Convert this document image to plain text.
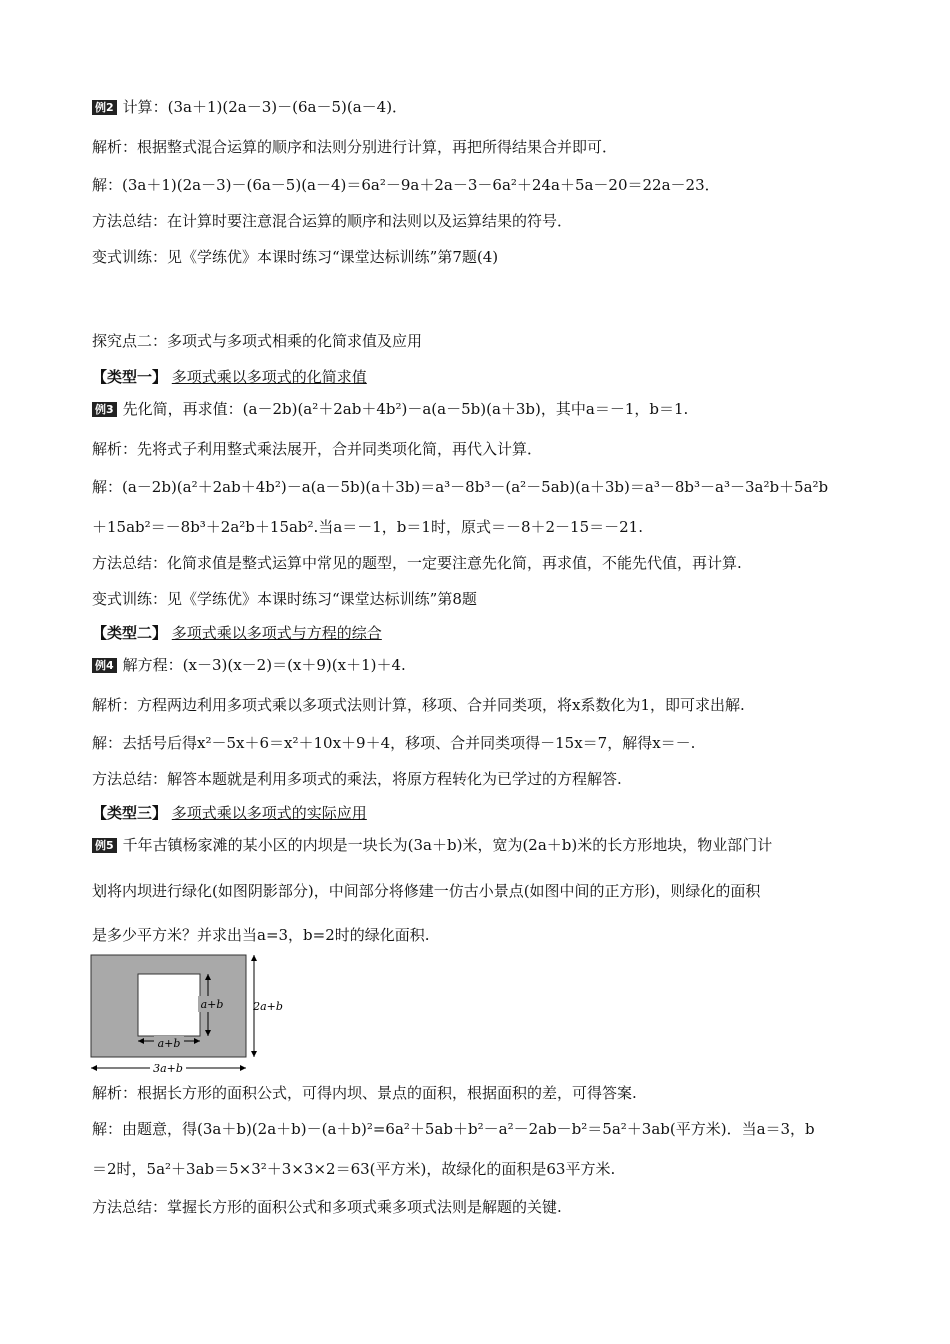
例2 计算：(3a＋1)(2a－3)－(6a－5)(a－4)．
解析：根据整式混合运算的顺序和法则分别进行计算，再把所得结果合并即可．
解：(3a＋1)(2a－3)－(6a－5)(a－4)＝6a²－9a＋2a－3－6a²＋24a＋5a－20＝22a－23．
方法总结：在计算时要注意混合运算的顺序和法则以及运算结果的符号．
变式训练：见《学练优》本课时练习“课堂达标训练”第7题(4)
探究点二：多项式与多项式相乘的化简求值及应用
【类型一】 多项式乘以多项式的化简求值
例3 先化简，再求值：(a－2b)(a²＋2ab＋4b²)－a(a－5b)(a＋3b)，其中a＝－1，b＝1.
解析：先将式子利用整式乘法展开，合并同类项化简，再代入计算．
解：(a－2b)(a²＋2ab＋4b²)－a(a－5b)(a＋3b)＝a³－8b³－(a²－5ab)(a＋3b)＝a³－8b³－a³－3a²b＋5a²b
＋15ab²＝－8b³＋2a²b＋15ab².当a＝－1，b＝1时，原式＝－8＋2－15＝－21.
方法总结：化简求值是整式运算中常见的题型，一定要注意先化简，再求值，不能先代值，再计算.
变式训练：见《学练优》本课时练习“课堂达标训练”第8题
【类型二】 多项式乘以多项式与方程的综合
例4 解方程：(x－3)(x－2)＝(x＋9)(x＋1)＋4.
解析：方程两边利用多项式乘以多项式法则计算，移项、合并同类项，将x系数化为1，即可求出解.
解：去括号后得x²－5x＋6＝x²＋10x＋9＋4，移项、合并同类项得－15x＝7，解得x＝－.
方法总结：解答本题就是利用多项式的乘法，将原方程转化为已学过的方程解答.
【类型三】 多项式乘以多项式的实际应用
例5 千年古镇杨家滩的某小区的内坝是一块长为(3a＋b)米，宽为(2a＋b)米的长方形地块，物业部门计
划将内坝进行绿化(如图阴影部分)，中间部分将修建一仿古小景点(如图中间的正方形)，则绿化的面积
是多少平方米？并求出当a=3，b=2时的绿化面积.
解析：根据长方形的面积公式，可得内坝、景点的面积，根据面积的差，可得答案.
解：由题意，得(3a＋b)(2a＋b)－(a＋b)²=6a²＋5ab＋b²－a²－2ab－b²＝5a²＋3ab(平方米)．当a＝3，b
＝2时，5a²＋3ab＝5×3²＋3×3×2＝63(平方米)，故绿化的面积是63平方米.
方法总结：掌握长方形的面积公式和多项式乘多项式法则是解题的关键.
a+b
a+b
2a+b
3a+b
